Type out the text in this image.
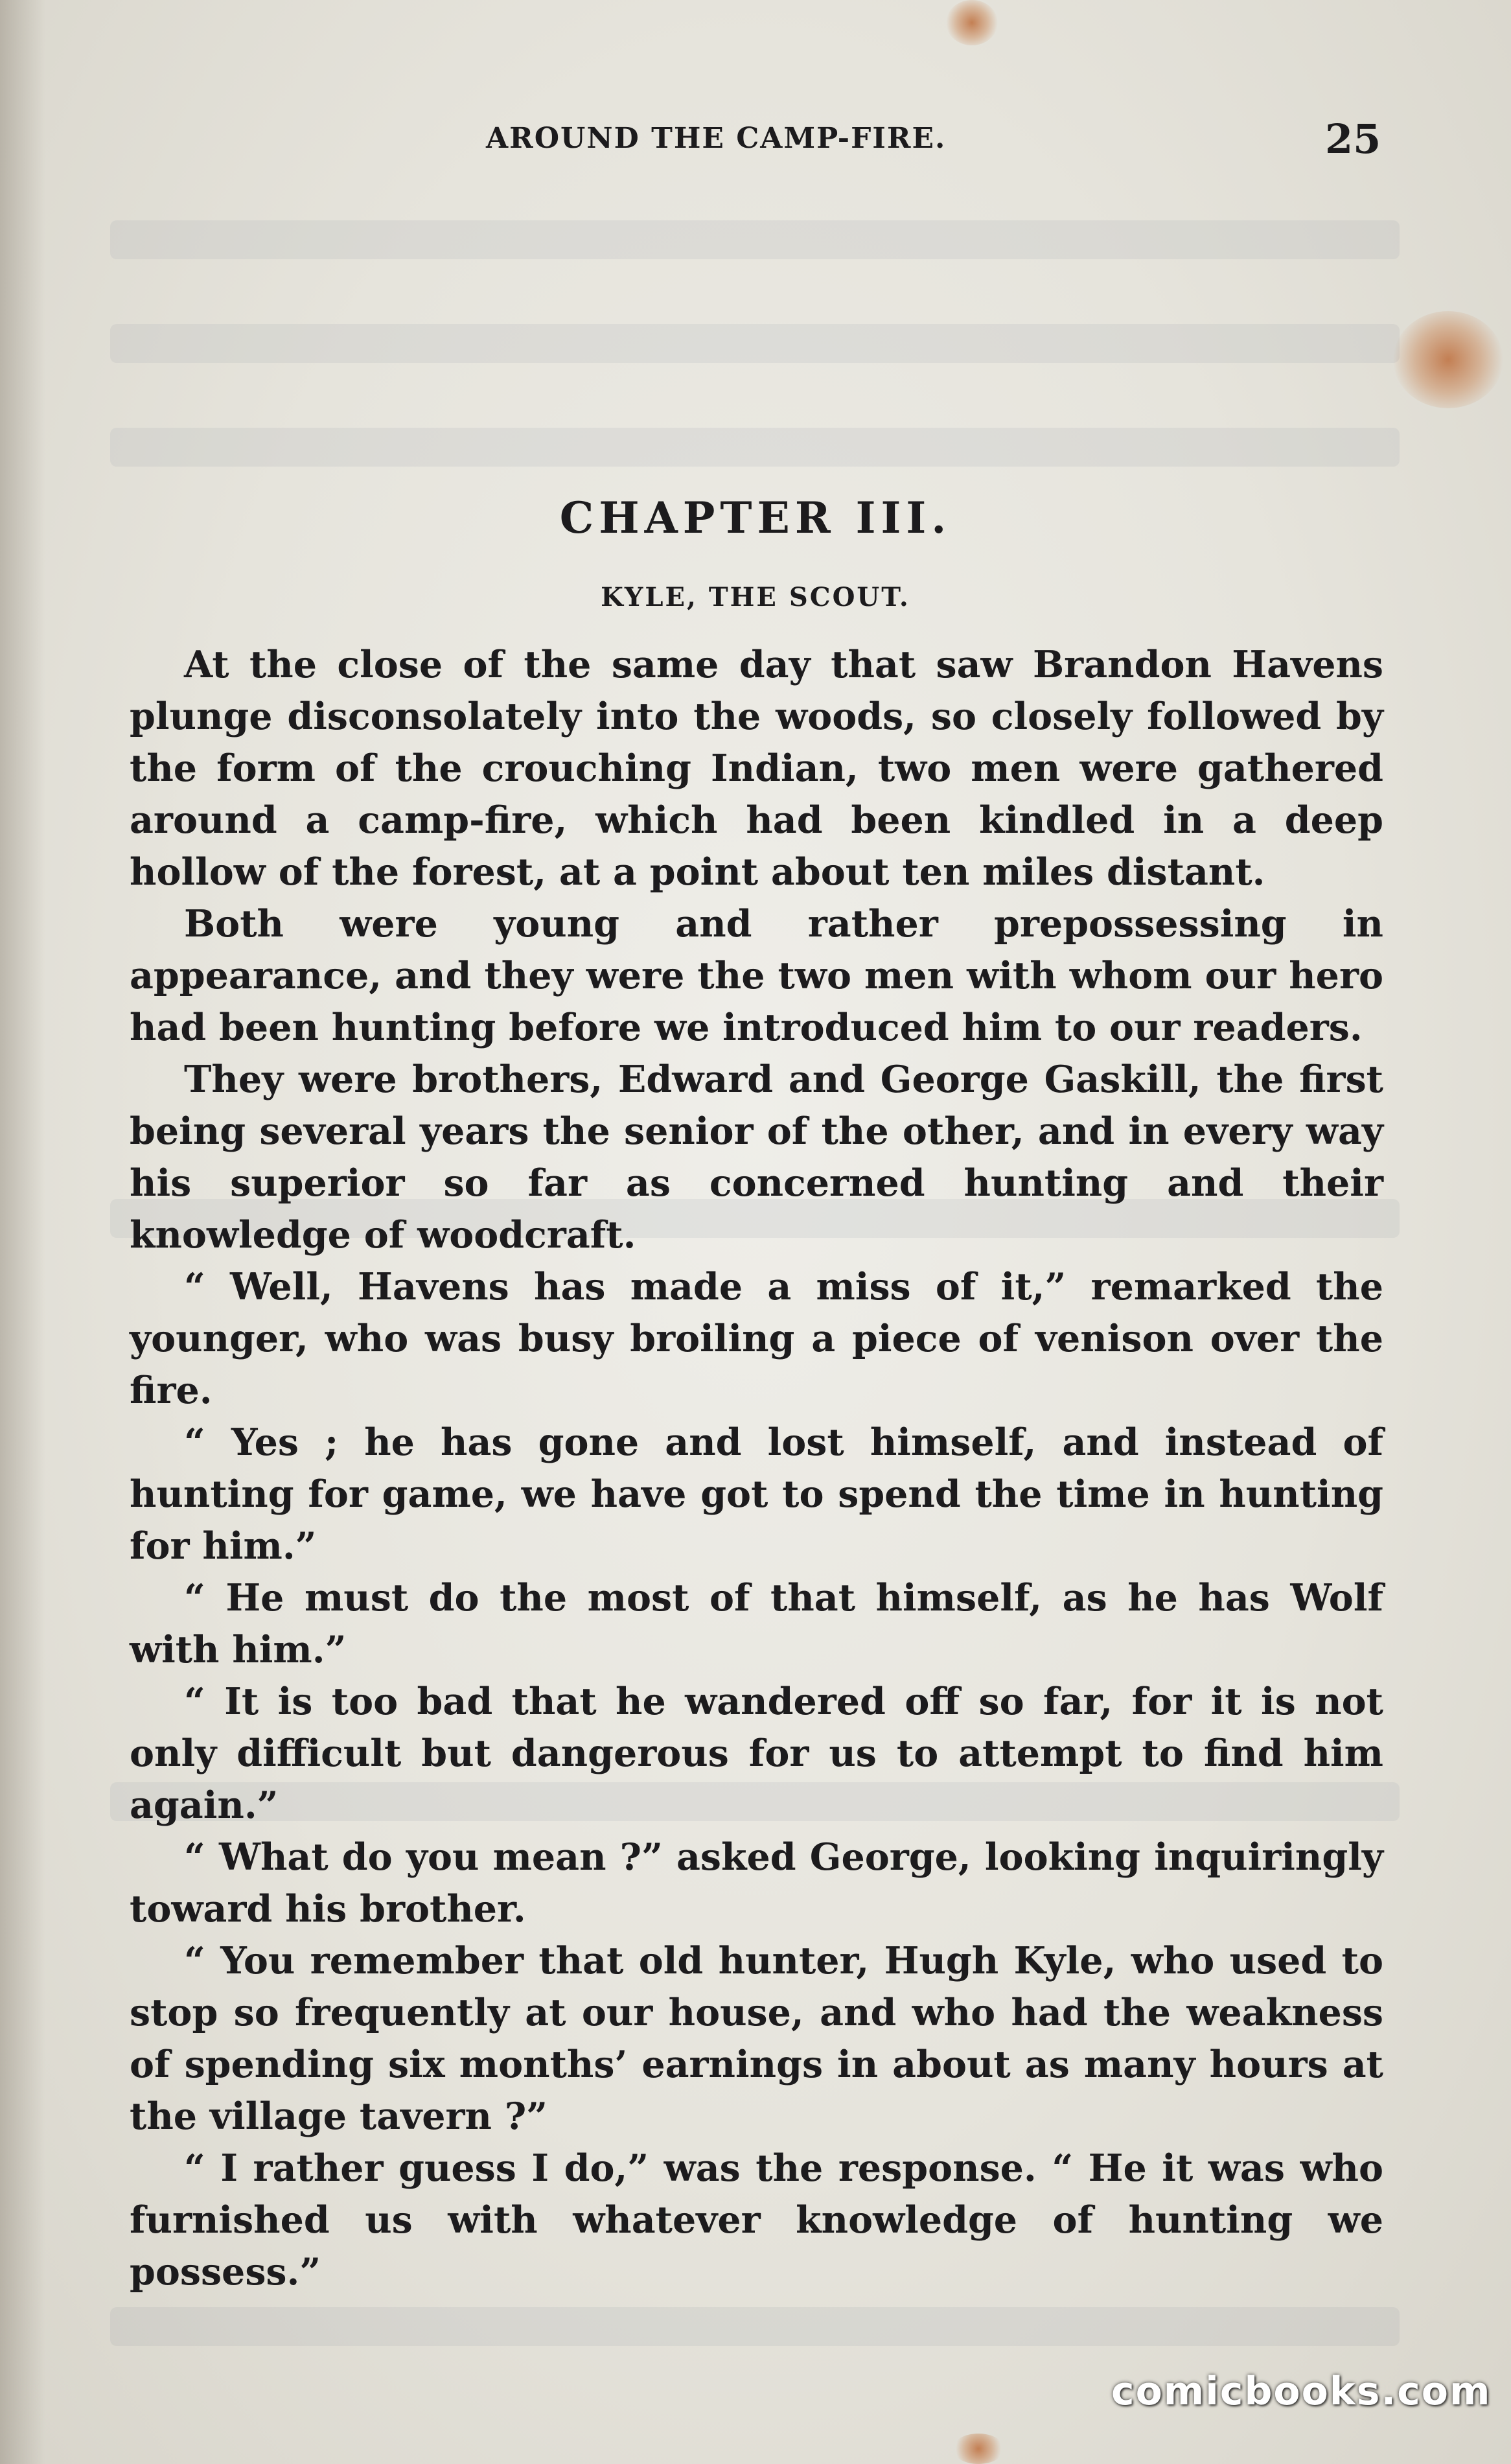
AROUND THE CAMP-FIRE.	25
CHAPTER III.
KYLE, THE SCOUT.

At the close of the same day that saw Brandon Havens plunge disconsolately into the woods, so closely followed by the form of the crouching Indian, two men were gathered around a camp-fire, which had been kindled in a deep hollow of the forest, at a point about ten miles distant.

Both were young and rather prepossessing in appearance, and they were the two men with whom our hero had been hunting before we introduced him to our readers.

They were brothers, Edward and George Gaskill, the first being several years the senior of the other, and in every way his superior so far as concerned hunting and their knowledge of woodcraft.

“ Well, Havens has made a miss of it,” remarked the younger, who was busy broiling a piece of venison over the fire.

“ Yes ; he has gone and lost himself, and instead of hunting for game, we have got to spend the time in hunting for him.”

“ He must do the most of that himself, as he has Wolf with him.”

“ It is too bad that he wandered off so far, for it is not only difficult but dangerous for us to attempt to find him again.”

“ What do you mean ?” asked George, looking inquiringly toward his brother.

“ You remember that old hunter, Hugh Kyle, who used to stop so frequently at our house, and who had the weakness of spending six months’ earnings in about as many hours at the village tavern ?”

“ I rather guess I do,” was the response. “ He it was who furnished us with whatever knowledge of hunting we possess.”

comicbooks.com
